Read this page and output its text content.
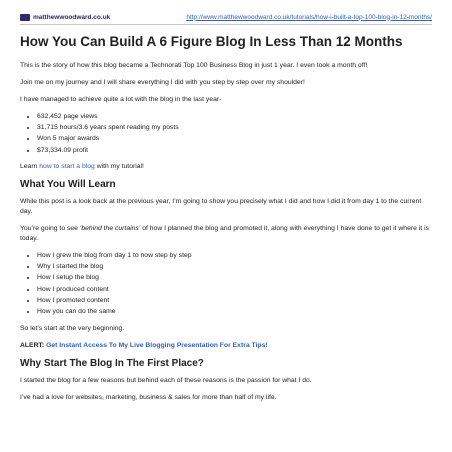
matthewwoodward.co.uk	http://www.matthewwoodward.co.uk/tutorials/how-i-built-a-top-100-blog-in-12-months/
How You Can Build A 6 Figure Blog In Less Than 12 Months

This is the story of how this blog became a Technorati Top 100 Business Blog in just 1 year. I even took a month off!

Join me on my journey and I will share everything I did with you step by step over my shoulder!

I have managed to achieve quite a lot with the blog in the last year-

• 632,452 page views
• 31,715 hours/3.6 years spent reading my posts
• Won 5 major awards
• $73,334.09 profit

Learn how to start a blog with my tutorial!

What You Will Learn

While this post is a look back at the previous year, I’m going to show you precisely what I did and how I did it from day 1 to the current day.

You’re going to see ‘behind the curtains’ of how I planned the blog and promoted it, along with everything I have done to get it where it is today.

• How I grew the blog from day 1 to now step by step
• Why I started the blog
• How I setup the blog
• How I produced content
• How I promoted content
• How you can do the same

So let’s start at the very beginning.

ALERT: Get Instant Access To My Live Blogging Presentation For Extra Tips!

Why Start The Blog In The First Place?

I started the blog for a few reasons but behind each of these reasons is the passion for what I do.

I’ve had a love for websites, marketing, business & sales for more than half of my life.
